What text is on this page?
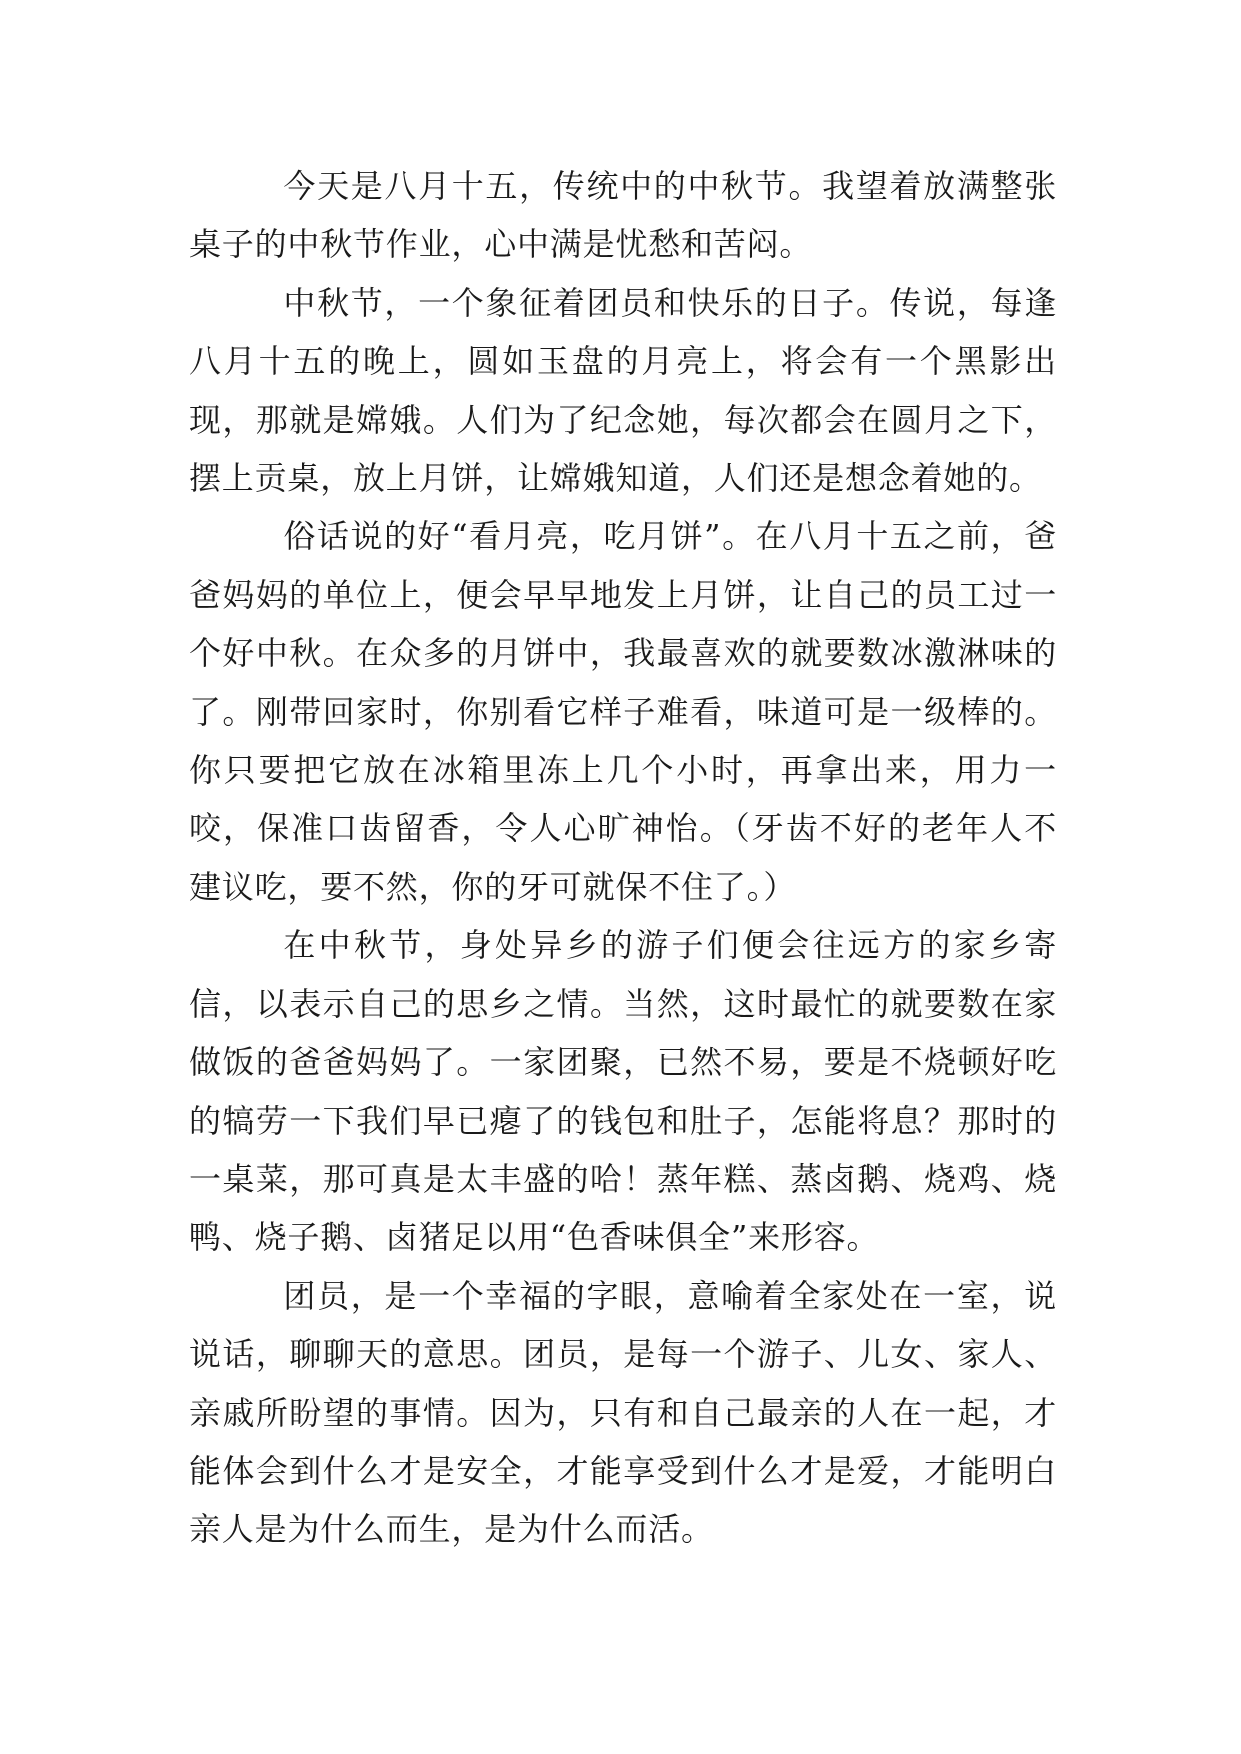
今天是八月十五，传统中的中秋节。我望着放满整张桌子的中秋节作业，心中满是忧愁和苦闷。

中秋节，一个象征着团员和快乐的日子。传说，每逢八月十五的晚上，圆如玉盘的月亮上，将会有一个黑影出现，那就是嫦娥。人们为了纪念她，每次都会在圆月之下，摆上贡桌，放上月饼，让嫦娥知道，人们还是想念着她的。

俗话说的好“看月亮，吃月饼”。在八月十五之前，爸爸妈妈的单位上，便会早早地发上月饼，让自己的员工过一个好中秋。在众多的月饼中，我最喜欢的就要数冰激淋味的了。刚带回家时，你别看它样子难看，味道可是一级棒的。你只要把它放在冰箱里冻上几个小时，再拿出来，用力一咬，保准口齿留香，令人心旷神怡。（牙齿不好的老年人不建议吃，要不然，你的牙可就保不住了。）

在中秋节，身处异乡的游子们便会往远方的家乡寄信，以表示自己的思乡之情。当然，这时最忙的就要数在家做饭的爸爸妈妈了。一家团聚，已然不易，要是不烧顿好吃的犒劳一下我们早已瘪了的钱包和肚子，怎能将息？那时的一桌菜，那可真是太丰盛的哈！蒸年糕、蒸卤鹅、烧鸡、烧鸭、烧子鹅、卤猪足以用“色香味俱全”来形容。

团员，是一个幸福的字眼，意喻着全家处在一室，说说话，聊聊天的意思。团员，是每一个游子、儿女、家人、亲戚所盼望的事情。因为，只有和自己最亲的人在一起，才能体会到什么才是安全，才能享受到什么才是爱，才能明白亲人是为什么而生，是为什么而活。
